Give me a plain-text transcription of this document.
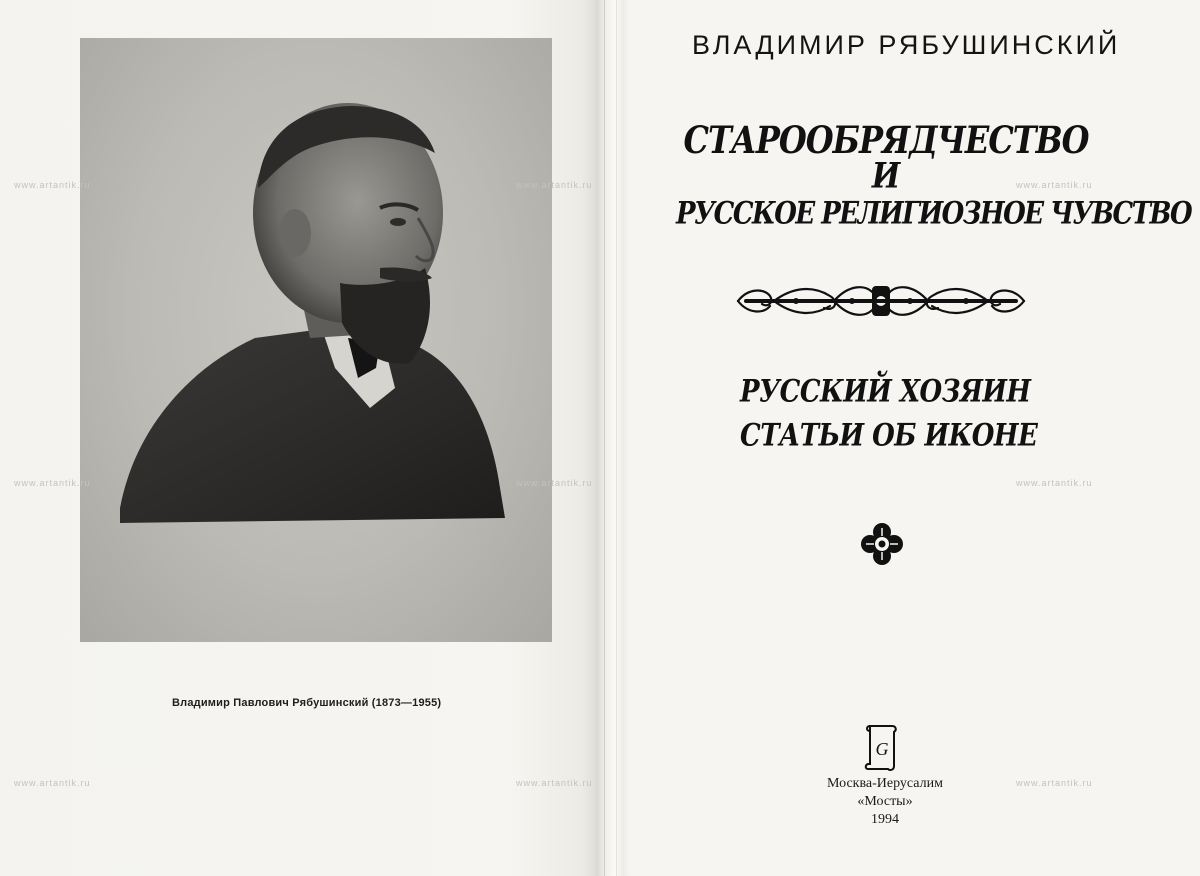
Владимир Павлович Рябушинский (1873—1955)
ВЛАДИМИР РЯБУШИНСКИЙ
СТАРООБРЯДЧЕСТВО
И
РУССКОЕ РЕЛИГИОЗНОЕ ЧУВСТВО
РУССКИЙ ХОЗЯИН
СТАТЬИ ОБ ИКОНЕ
G
Москва-Иерусалим
«Мосты»
1994
www.artantik.ru	www.artantik.ru	www.artantik.ru
www.artantik.ru	www.artantik.ru	www.artantik.ru
www.artantik.ru	www.artantik.ru	www.artantik.ru
